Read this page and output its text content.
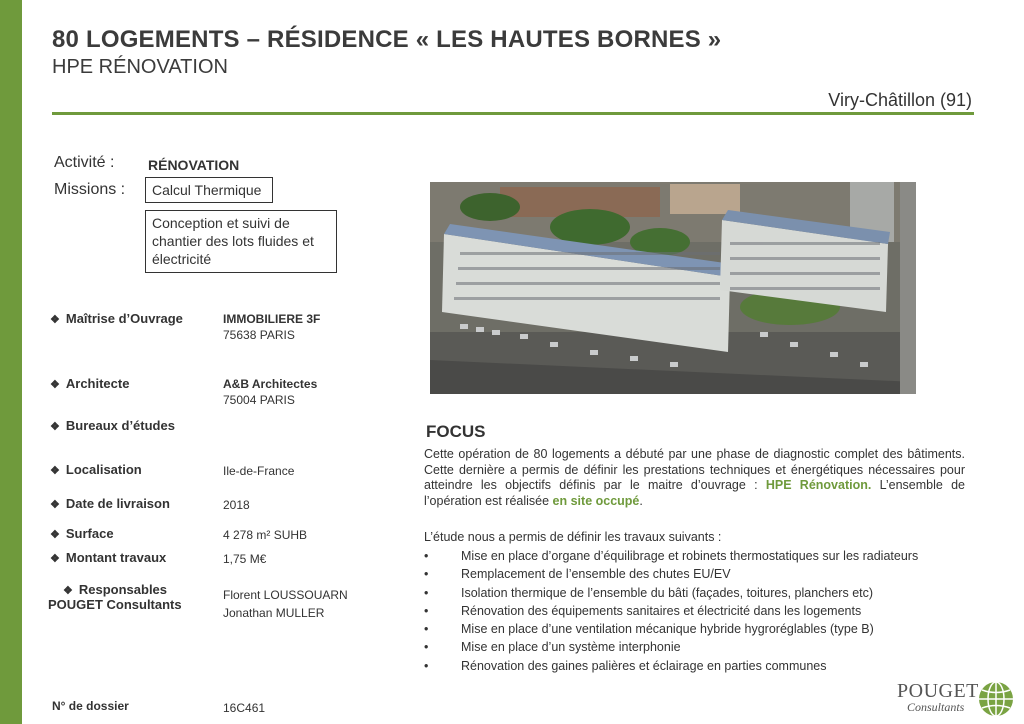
80 LOGEMENTS – RÉSIDENCE « LES HAUTES BORNES »
HPE RÉNOVATION
Viry-Châtillon (91)
Activité : RÉNOVATION
Missions :	Calcul Thermique
Conception et suivi de chantier des lots fluides et électricité
❖ Maîtrise d’Ouvrage	IMMOBILIERE 3F
75638 PARIS
❖ Architecte	A&B Architectes
75004 PARIS
❖ Bureaux d’études
❖ Localisation	Ile-de-France
❖ Date de livraison	2018
❖ Surface	4 278 m² SUHB
❖ Montant travaux	1,75 M€
❖ Responsables
POUGET Consultants
Florent LOUSSOUARN
Jonathan MULLER
FOCUS
Cette opération de 80 logements a débuté par une phase de diagnostic complet des bâtiments. Cette dernière a permis de définir les prestations techniques et énergétiques nécessaires pour atteindre les objectifs définis par le maitre d’ouvrage : HPE Rénovation. L’ensemble de l’opération est réalisée en site occupé.
L’étude nous a permis de définir les travaux suivants :
•	Mise en place d’organe d’équilibrage et robinets thermostatiques sur les radiateurs
•	Remplacement de l’ensemble des chutes EU/EV
•	Isolation thermique de l’ensemble du bâti (façades, toitures, planchers etc)
•	Rénovation des équipements sanitaires et électricité dans les logements
•	Mise en place d’une ventilation mécanique hybride hygroréglables (type B)
•	Mise en place d’un système interphonie
•	Rénovation des gaines palières et éclairage en parties communes
N° de dossier	16C461
POUGET
Consultants
